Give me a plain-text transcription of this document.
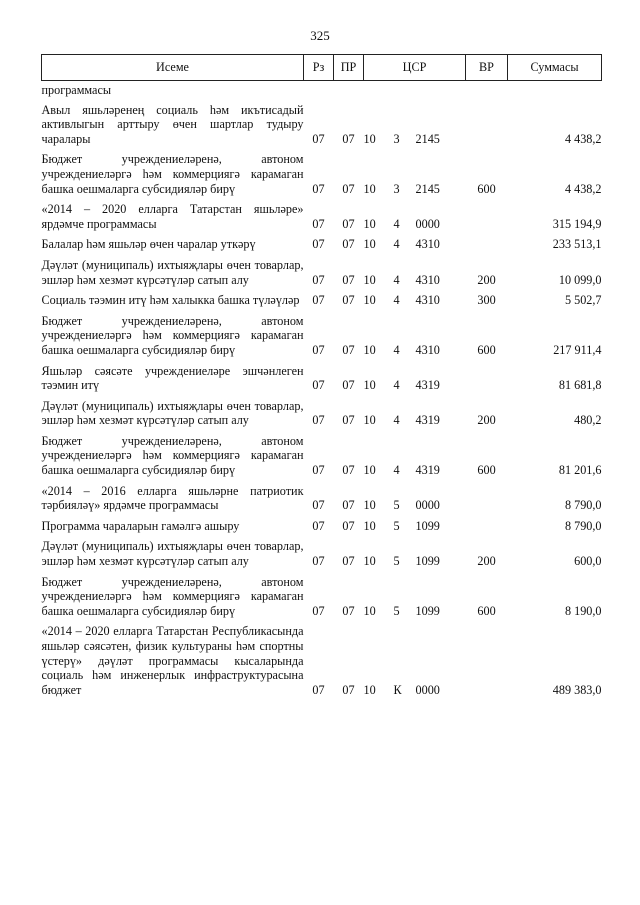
325
Исеме	Рз	ПР	ЦСР			ВР	Суммасы
программасы							
Авыл яшьләренең социаль һәм икътисадый активлыгын арттыру өчен шартлар тудыру чаралары	07	07	10	3	2145		4 438,2
Бюджет учреждениеләренә, автоном учреждениеләргә һәм коммерциягә карамаган башка оешмаларга субсидияләр бирү	07	07	10	3	2145	600	4 438,2
«2014 – 2020 елларга Татарстан яшьләре» ярдәмче программасы	07	07	10	4	0000		315 194,9
Балалар һәм яшьләр өчен чаралар уткәрү	07	07	10	4	4310		233 513,1
Дәүләт (муниципаль) ихтыяҗлары өчен товарлар, эшләр һәм хезмәт күрсәтүләр сатып алу	07	07	10	4	4310	200	10 099,0
Социаль тәэмин итү һәм халыкка башка түләүләр	07	07	10	4	4310	300	5 502,7
Бюджет учреждениеләренә, автоном учреждениеләргә һәм коммерциягә карамаган башка оешмаларга субсидияләр бирү	07	07	10	4	4310	600	217 911,4
Яшьләр сәясәте учреждениеләре эшчәнлеген тәэмин итү	07	07	10	4	4319		81 681,8
Дәүләт (муниципаль) ихтыяҗлары өчен товарлар, эшләр һәм хезмәт күрсәтүләр сатып алу	07	07	10	4	4319	200	480,2
Бюджет учреждениеләренә, автоном учреждениеләргә һәм коммерциягә карамаган башка оешмаларга субсидияләр бирү	07	07	10	4	4319	600	81 201,6
«2014 – 2016 елларга яшьләрне патриотик тәрбияләү» ярдәмче программасы	07	07	10	5	0000		8 790,0
Программа чараларын гамәлгә ашыру	07	07	10	5	1099		8 790,0
Дәүләт (муниципаль) ихтыяҗлары өчен товарлар, эшләр һәм хезмәт күрсәтүләр сатып алу	07	07	10	5	1099	200	600,0
Бюджет учреждениеләренә, автоном учреждениеләргә һәм коммерциягә карамаган башка оешмаларга субсидияләр бирү	07	07	10	5	1099	600	8 190,0
«2014 – 2020 елларга Татарстан Республикасында яшьләр сәясәтен, физик культураны һәм спортны үстерү» дәүләт программасы кысаларында социаль һәм инженерлык инфраструктурасына бюджет	07	07	10	К	0000		489 383,0
